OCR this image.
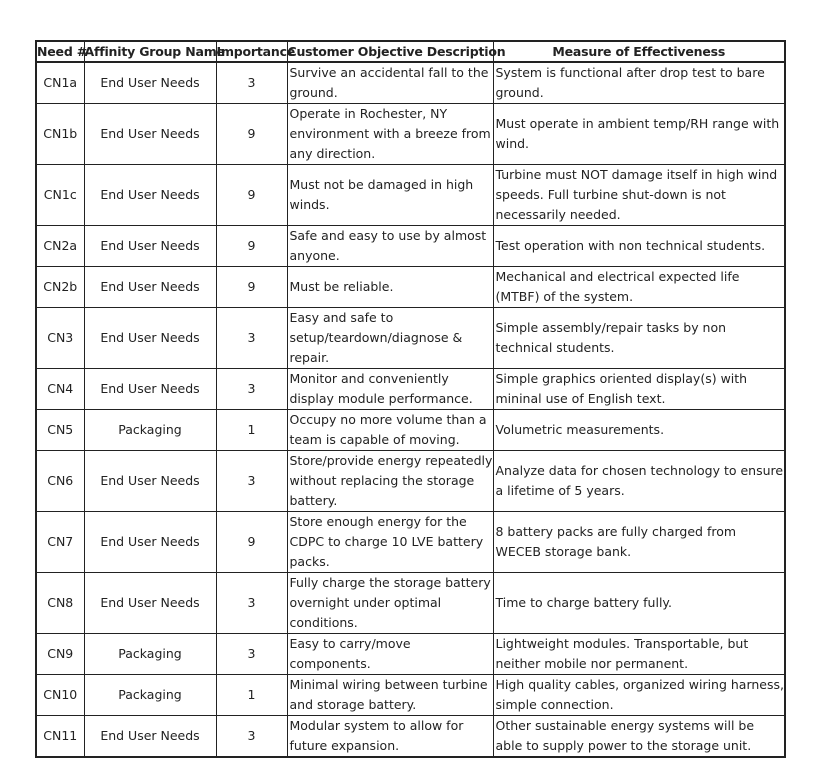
Need #	Affinity Group Name	Importance	Customer Objective Description	Measure of Effectiveness
CN1a	End User Needs	3	Survive an accidental fall to the ground.	System is functional after drop test to bare ground.
CN1b	End User Needs	9	Operate in Rochester, NY environment with a breeze from any direction.	Must operate in ambient temp/RH range with wind.
CN1c	End User Needs	9	Must not be damaged in high winds.	Turbine must NOT damage itself in high wind speeds. Full turbine shut-down is not necessarily needed.
CN2a	End User Needs	9	Safe and easy to use by almost anyone.	Test operation with non technical students.
CN2b	End User Needs	9	Must be reliable.	Mechanical and electrical expected life (MTBF) of the system.
CN3	End User Needs	3	Easy and safe to setup/teardown/diagnose & repair.	Simple assembly/repair tasks by non technical students.
CN4	End User Needs	3	Monitor and conveniently display module performance.	Simple graphics oriented display(s) with mininal use of English text.
CN5	Packaging	1	Occupy no more volume than a team is capable of moving.	Volumetric measurements.
CN6	End User Needs	3	Store/provide energy repeatedly without replacing the storage battery.	Analyze data for chosen technology to ensure a lifetime of 5 years.
CN7	End User Needs	9	Store enough energy for the CDPC to charge 10 LVE battery packs.	8 battery packs are fully charged from WECEB storage bank.
CN8	End User Needs	3	Fully charge the storage battery overnight under optimal conditions.	Time to charge battery fully.
CN9	Packaging	3	Easy to carry/move components.	Lightweight modules. Transportable, but neither mobile nor permanent.
CN10	Packaging	1	Minimal wiring between turbine and storage battery.	High quality cables, organized wiring harness, simple connection.
CN11	End User Needs	3	Modular system to allow for future expansion.	Other sustainable energy systems will be able to supply power to the storage unit.
